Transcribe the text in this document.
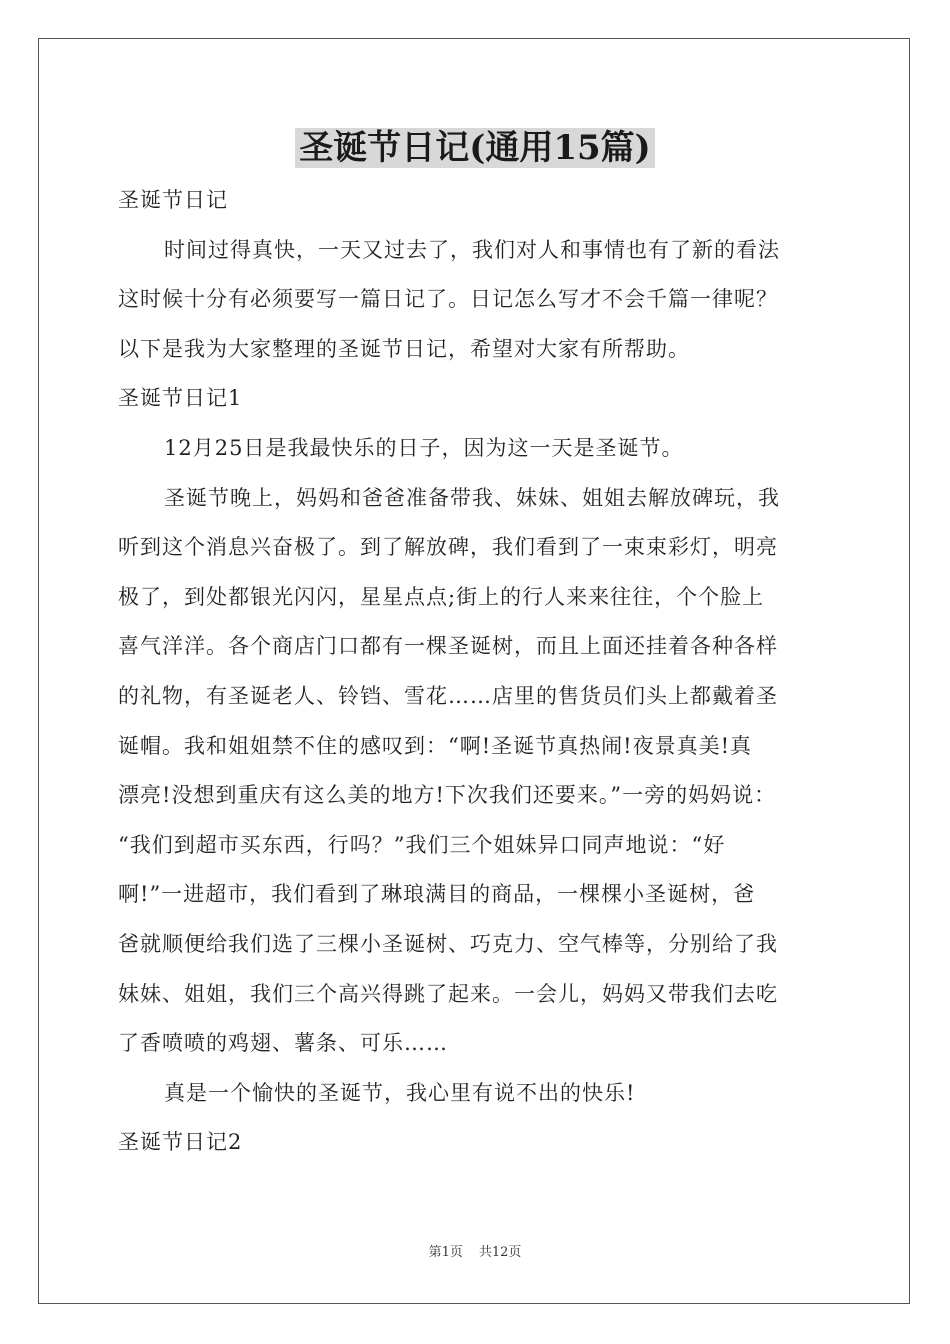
圣诞节日记(通用15篇)
圣诞节日记
时间过得真快，一天又过去了，我们对人和事情也有了新的看法
这时候十分有必须要写一篇日记了。日记怎么写才不会千篇一律呢？
以下是我为大家整理的圣诞节日记，希望对大家有所帮助。
圣诞节日记1
12月25日是我最快乐的日子，因为这一天是圣诞节。
圣诞节晚上，妈妈和爸爸准备带我、妹妹、姐姐去解放碑玩，我
听到这个消息兴奋极了。到了解放碑，我们看到了一束束彩灯，明亮
极了，到处都银光闪闪，星星点点;街上的行人来来往往，个个脸上
喜气洋洋。各个商店门口都有一棵圣诞树，而且上面还挂着各种各样
的礼物，有圣诞老人、铃铛、雪花……店里的售货员们头上都戴着圣
诞帽。我和姐姐禁不住的感叹到：“啊!圣诞节真热闹!夜景真美!真
漂亮!没想到重庆有这么美的地方!下次我们还要来。”一旁的妈妈说：
“我们到超市买东西，行吗？”我们三个姐妹异口同声地说：“好
啊!”一进超市，我们看到了琳琅满目的商品，一棵棵小圣诞树，爸
爸就顺便给我们选了三棵小圣诞树、巧克力、空气棒等，分别给了我
妹妹、姐姐，我们三个高兴得跳了起来。一会儿，妈妈又带我们去吃
了香喷喷的鸡翅、薯条、可乐……
真是一个愉快的圣诞节，我心里有说不出的快乐!
圣诞节日记2
第1页 共12页
